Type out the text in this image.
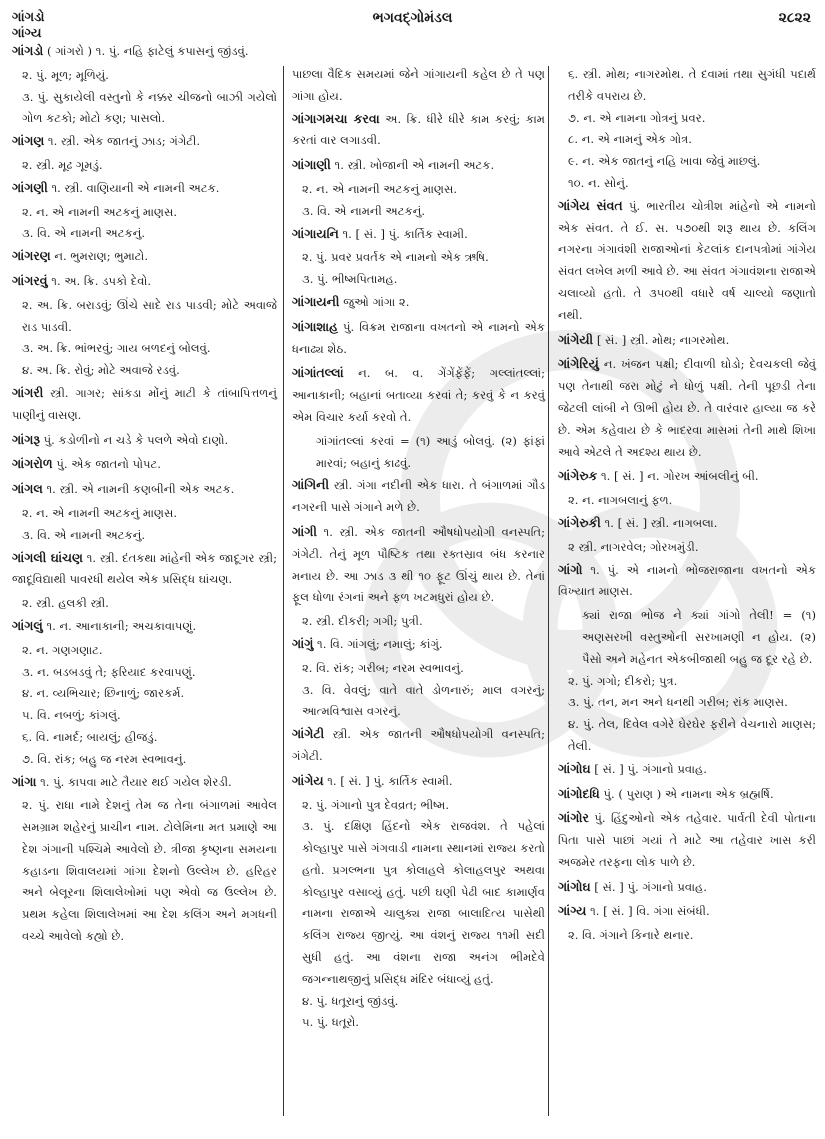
ગાંગડો
ગાંગ્ય
ભગવદ્ગોમંડલ	૨૮૨૨

ગાંગડો ( ગાંગરો ) ૧. પું. નહિ ફાટેલું કપાસનું જીંડવું.

૨. પું. મૂળ; મૂળિયું.

૩. પું. સુકાયેલી વસ્તુનો કે નક્કર ચીજનો બાઝી ગયેલો ગોળ કટકો; મોટો કણ; પાસલો.

ગાંગણ ૧. સ્ત્રી. એક જાતનું ઝાડ; ગંગેટી.

૨. સ્ત્રી. મૂઢ ગૂમડું.

ગાંગણી ૧. સ્ત્રી. વાણિયાની એ નામની અટક.

૨. ન. એ નામની અટકનું માણસ.

૩. વિ. એ નામની અટકનું.

ગાંગરણ ન. ભુમરાણ; ભુમાટો.

ગાંગરવું ૧. અ. ક્રિ. ડપકો દેવો.

૨. અ. ક્રિ. બરાડવું; ઊંચે સાદે રાડ પાડવી; મોટે અવાજે રાડ પાડવી.

૩. અ. ક્રિ. ભાંભરવું; ગાય બળદનું બોલવું.

૪. અ. ક્રિ. રોવું; મોટે અવાજે રડવું.

ગાંગરી સ્ત્રી. ગાગર; સાંકડા મોંનું માટી કે તાંબાપિત્તળનું પાણીનું વાસણ.

ગાંગરૂ પું. કડોળીનો ન ચડે કે પલળે એવો દાણો.

ગાંગરોળ પું. એક જાતનો પોપટ.

ગાંગલ ૧. સ્ત્રી. એ નામની કણબીની એક અટક.

૨. ન. એ નામની અટકનું માણસ.

૩. વિ. એ નામની અટકનું.

ગાંગલી ઘાંચણ ૧. સ્ત્રી. દંતકથા માંહેની એક જાદૂગર સ્ત્રી; જાદૂવિદ્યાથી પાવરધી થયેલ એક પ્રસિદ્ધ ઘાંચણ.

૨. સ્ત્રી. હલકી સ્ત્રી.

ગાંગલું ૧. ન. આનાકાની; અચકાવાપણું.

૨. ન. ગણગણાટ.

૩. ન. બડબડવું તે; ફરિયાદ કરવાપણું.

૪. ન. વ્યભિચાર; છિનાળું; જારકર્મ.

૫. વિ. નબળું; કાંગલું.

૬. વિ. નામર્દ; બાયલું; હીજડું.

૭. વિ. રાંક; બહુ જ નરમ સ્વભાવનું.

ગાંગા ૧. પું. કાપવા માટે તૈયાર થઈ ગયેલ શેરડી.

૨. પું. રાધા નામે દેશનું તેમ જ તેના બંગાળમાં આવેલ સમગ્રામ શહેરનું પ્રાચીન નામ. ટોલેમિના મત પ્રમાણે આ દેશ ગંગાની પશ્ચિમે આવેલો છે. ત્રીજા કૃષ્ણના સમયના કહાડના શિવાલયમાં ગાંગા દેશનો ઉલ્લેખ છે. હરિહર અને બેલૂરના શિલાલેખોમાં પણ એવો જ ઉલ્લેખ છે. પ્રથમ કહેલા શિલાલેખમાં આ દેશ કલિંગ અને મગધની વચ્ચે આવેલો કહ્યો છે.

પાછલા વૈદિક સમયમાં જેને ગાંગાયની કહેલ છે તે પણ ગાંગા હોય.

ગાંગાગમચા કરવા અ. ક્રિ. ધીરે ધીરે કામ કરવું; કામ કરતાં વાર લગાડવી.

ગાંગાણી ૧. સ્ત્રી. ખોજાની એ નામની અટક.

૨. ન. એ નામની અટકનું માણસ.

૩. વિ. એ નામની અટકનું.

ગાંગાયનિ ૧. [ સં. ] પું. કાર્તિક સ્વામી.

૨. પું. પ્રવર પ્રવર્તક એ નામનો એક ઋષિ.

૩. પું. ભીષ્મપિતામહ.

ગાંગાયની જુઓ ગાંગા ૨.

ગાંગાશાહ પું. વિક્રમ રાજાના વખતનો એ નામનો એક ધનાઢ્ય શેઠ.

ગાંગાંતલ્લાં ન. બ. વ. ગેંગેંફેંફેં; ગલ્લાંતલ્લાં; આનાકાની; બહાનાં બતાવ્યા કરવાં તે; કરવું કે ન કરવું એમ વિચાર કર્યા કરવો તે.

ગાંગાંતલ્લાં કરવાં = (૧) આડું બોલવું. (૨) ફાંફાં મારવાં; બહાનું કાઢવું.

ગાંગિની સ્ત્રી. ગંગા નદીની એક ધારા. તે બંગાળમાં ગૌડ નગરની પાસે ગંગાને મળે છે.

ગાંગી ૧. સ્ત્રી. એક જાતની ઔષધોપયોગી વનસ્પતિ; ગંગેટી. તેનું મૂળ પૌષ્ટિક તથા રક્તસ્રાવ બંધ કરનાર મનાય છે. આ ઝાડ ૩ થી ૧૦ ફૂટ ઊંચું થાય છે. તેનાં ફૂલ ધોળા રંગનાં અને ફળ ખટમધુરાં હોય છે.

૨. સ્ત્રી. દીકરી; ગગી; પુત્રી.

ગાંગું ૧. વિ. ગાંગલું; નમાલું; કાંગું.

૨. વિ. રાંક; ગરીબ; નરમ સ્વભાવનું.

૩. વિ. વેવલું; વાતે વાતે ડોળનારું; માલ વગરનું; આત્મવિશ્વાસ વગરનું.

ગાંગેટી સ્ત્રી. એક જાતની ઔષધોપયોગી વનસ્પતિ; ગંગેટી.

ગાંગેય ૧. [ સં. ] પું. કાર્તિક સ્વામી.

૨. પું. ગંગાનો પુત્ર દેવવ્રત; ભીષ્મ.

૩. પું. દક્ષિણ હિંદનો એક રાજવંશ. તે પહેલાં કોલ્હાપુર પાસે ગંગવાડી નામના સ્થાનમાં રાજ્ય કરતો હતો. પ્રગલ્ભના પુત્ર કોલાહલે કોલાહલપુર અથવા કોલ્હાપુર વસાવ્યું હતું. પછી ઘણી પેઢી બાદ કામાર્ણવ નામના રાજાએ ચાલુક્ય રાજા બાલાદિત્ય પાસેથી કલિંગ રાજ્ય જીત્યું. આ વંશનું રાજ્ય ૧૧મી સદી સુધી હતું. આ વંશના રાજા અનંગ ભીમદેવે જગન્નાથજીનું પ્રસિદ્ધ મંદિર બંધાવ્યું હતું.

૪. પું. ધતૂરાનું જીંડવું.

૫. પું. ધતૂરો.

૬. સ્ત્રી. મોથ; નાગરમોથ. તે દવામાં તથા સુગંધી પદાર્થ તરીકે વપરાય છે.

૭. ન. એ નામના ગોત્રનું પ્રવર.

૮. ન. એ નામનું એક ગોત્ર.

૯. ન. એક જાતનું નહિ ખાવા જેવું માછલું.

૧૦. ન. સોનું.

ગાંગેય સંવત પું. ભારતીય ચોત્રીશ માંહેનો એ નામનો એક સંવત. તે ઈ. સ. ૫૭૦થી શરૂ થાય છે. કલિંગ નગરના ગંગાવંશી રાજાઓનાં કેટલાંક દાનપત્રોમાં ગાંગેય સંવત લખેલ મળી આવે છે. આ સંવત ગંગાવંશના રાજાએ ચલાવ્યો હતો. તે ૩૫૦થી વધારે વર્ષ ચાલ્યો જણાતો નથી.

ગાંગેયી [ સં. ] સ્ત્રી. મોથ; નાગરમોથ.

ગાંગેરિયું ન. ખંજન પક્ષી; દીવાળી ઘોડો; દેવચકલી જેવું પણ તેનાથી જરા મોટું ને ધોળું પક્ષી. તેની પૂછડી તેના જેટલી લાંબી ને ઊભી હોય છે. તે વારંવાર હાલ્યા જ કરે છે. એમ કહેવાય છે કે ભાદરવા માસમાં તેની માથે શિખા આવે એટલે તે અદશ્ય થાય છે.

ગાંગેરુક ૧. [ સં. ] ન. ગોરખ આંબલીનું બી.

૨. ન. નાગબલાનું ફળ.

ગાંગેરુકી ૧. [ સં. ] સ્ત્રી. નાગબલા.

૨ સ્ત્રી. નાગરવેલ; ગોરખમુંડી.

ગાંગો ૧. પું. એ નામનો ભોજરાજાના વખતનો એક વિખ્યાત માણસ.

ક્યાં રાજા ભોજ ને ક્યાં ગાંગો તેલી! = (૧) અણસરખી વસ્તુઓની સરખામણી ન હોય. (૨) પૈસો અને મહેનત એકબીજાથી બહુ જ દૂર રહે છે.

૨. પું. ગગો; દીકરો; પુત્ર.

૩. પું. તન, મન અને ધનથી ગરીબ; રાંક માણસ.

૪. પું. તેલ, દિવેલ વગેરે ઘેરઘેર ફરીને વેચનારો માણસ; તેલી.

ગાંગોઘ [ સં. ] પું. ગંગાનો પ્રવાહ.

ગાંગોદધિ પું. ( પુરાણ ) એ નામના એક બ્રહ્મર્ષિ.

ગાંગોર પું. હિંદુઓનો એક તહેવાર. પાર્વતી દેવી પોતાના પિતા પાસે પાછાં ગયાં તે માટે આ તહેવાર ખાસ કરી અજમેર તરફના લોક પાળે છે.

ગાંગોઘ [ સં. ] પું. ગંગાનો પ્રવાહ.

ગાંગ્ય ૧. [ સં. ] વિ. ગંગા સંબંધી.

૨. વિ. ગંગાને કિનારે થનાર.
